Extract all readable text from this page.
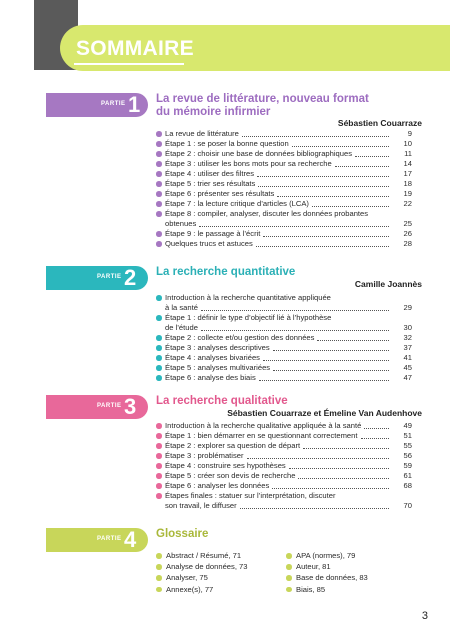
SOMMAIRE
PARTIE 1 La revue de littérature, nouveau format
du mémoire infirmier
Sébastien Couarraze
La revue de littérature	9
Étape 1 : se poser la bonne question	10
Étape 2 : choisir une base de données bibliographiques	11
Étape 3 : utiliser les bons mots pour sa recherche	14
Étape 4 : utiliser des filtres	17
Étape 5 : trier ses résultats	18
Étape 6 : présenter ses résultats	19
Étape 7 : la lecture critique d’articles (LCA)	22
Étape 8 : compiler, analyser, discuter les données probantes
obtenues	25
Étape 9 : le passage à l’écrit	26
Quelques trucs et astuces	28
PARTIE 2 La recherche quantitative
Camille Joannès
Introduction à la recherche quantitative appliquée
à la santé	29
Étape 1 : définir le type d’objectif lié à l’hypothèse
de l’étude	30
Étape 2 : collecte et/ou gestion des données	32
Étape 3 : analyses descriptives	37
Étape 4 : analyses bivariées	41
Étape 5 : analyses multivariées	45
Étape 6 : analyse des biais	47
PARTIE 3 La recherche qualitative
Sébastien Couarraze et Émeline Van Audenhove
Introduction à la recherche qualitative appliquée à la santé	49
Étape 1 : bien démarrer en se questionnant correctement	51
Étape 2 : explorer sa question de départ	55
Étape 3 : problématiser	56
Étape 4 : construire ses hypothèses	59
Étape 5 : créer son devis de recherche	61
Étape 6 : analyser les données	68
Étapes finales : statuer sur l’interprétation, discuter
son travail, le diffuser	70
PARTIE 4 Glossaire
Abstract / Résumé, 71
Analyse de données, 73
Analyser, 75
Annexe(s), 77
APA (normes), 79
Auteur, 81
Base de données, 83
Biais, 85
3
